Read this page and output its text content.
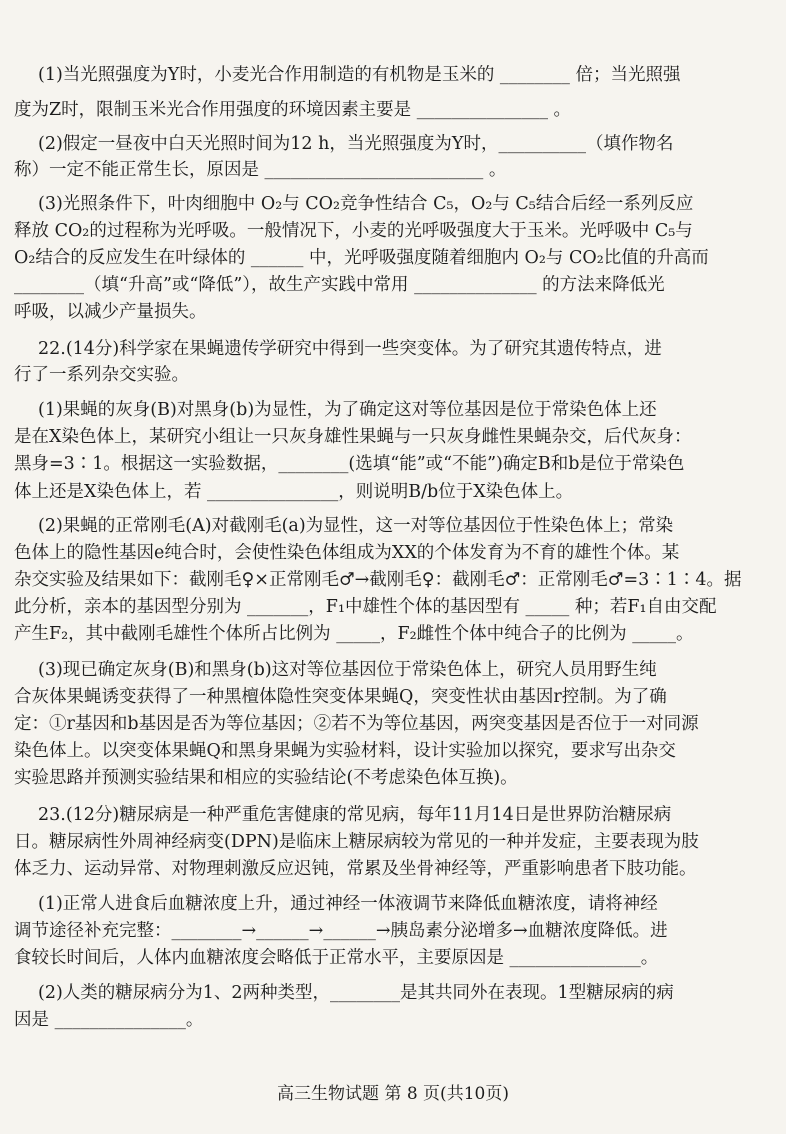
(1)当光照强度为Y时，小麦光合作用制造的有机物是玉米的 ________ 倍；当光照强
度为Z时，限制玉米光合作用强度的环境因素主要是 _______________ 。
(2)假定一昼夜中白天光照时间为12 h，当光照强度为Y时，__________（填作物名
称）一定不能正常生长，原因是 _________________________ 。
(3)光照条件下，叶肉细胞中 O₂与 CO₂竞争性结合 C₅，O₂与 C₅结合后经一系列反应
释放 CO₂的过程称为光呼吸。一般情况下，小麦的光呼吸强度大于玉米。光呼吸中 C₅与
O₂结合的反应发生在叶绿体的 ______ 中，光呼吸强度随着细胞内 O₂与 CO₂比值的升高而
________（填“升高”或“降低”），故生产实践中常用 ______________ 的方法来降低光
呼吸，以减少产量损失。
22.(14分)科学家在果蝇遗传学研究中得到一些突变体。为了研究其遗传特点，进
行了一系列杂交实验。
(1)果蝇的灰身(B)对黑身(b)为显性，为了确定这对等位基因是位于常染色体上还
是在X染色体上，某研究小组让一只灰身雄性果蝇与一只灰身雌性果蝇杂交，后代灰身：
黑身=3∶1。根据这一实验数据，________(选填“能”或“不能”)确定B和b是位于常染色
体上还是X染色体上，若 _______________，则说明B/b位于X染色体上。
(2)果蝇的正常刚毛(A)对截刚毛(a)为显性，这一对等位基因位于性染色体上；常染
色体上的隐性基因e纯合时，会使性染色体组成为XX的个体发育为不育的雄性个体。某
杂交实验及结果如下：截刚毛♀×正常刚毛♂→截刚毛♀：截刚毛♂：正常刚毛♂=3∶1∶4。据
此分析，亲本的基因型分别为 _______，F₁中雄性个体的基因型有 _____ 种；若F₁自由交配
产生F₂，其中截刚毛雄性个体所占比例为 _____，F₂雌性个体中纯合子的比例为 _____。
(3)现已确定灰身(B)和黑身(b)这对等位基因位于常染色体上，研究人员用野生纯
合灰体果蝇诱变获得了一种黑檀体隐性突变体果蝇Q，突变性状由基因r控制。为了确
定：①r基因和b基因是否为等位基因；②若不为等位基因，两突变基因是否位于一对同源
染色体上。以突变体果蝇Q和黑身果蝇为实验材料，设计实验加以探究，要求写出杂交
实验思路并预测实验结果和相应的实验结论(不考虑染色体互换)。
23.(12分)糖尿病是一种严重危害健康的常见病，每年11月14日是世界防治糖尿病
日。糖尿病性外周神经病变(DPN)是临床上糖尿病较为常见的一种并发症，主要表现为肢
体乏力、运动异常、对物理刺激反应迟钝，常累及坐骨神经等，严重影响患者下肢功能。
(1)正常人进食后血糖浓度上升，通过神经一体液调节来降低血糖浓度，请将神经
调节途径补充完整：________→______→______→胰岛素分泌增多→血糖浓度降低。进
食较长时间后，人体内血糖浓度会略低于正常水平，主要原因是 _______________。
(2)人类的糖尿病分为1、2两种类型，________是其共同外在表现。1型糖尿病的病
因是 _______________。
高三生物试题 第 8 页(共10页)
